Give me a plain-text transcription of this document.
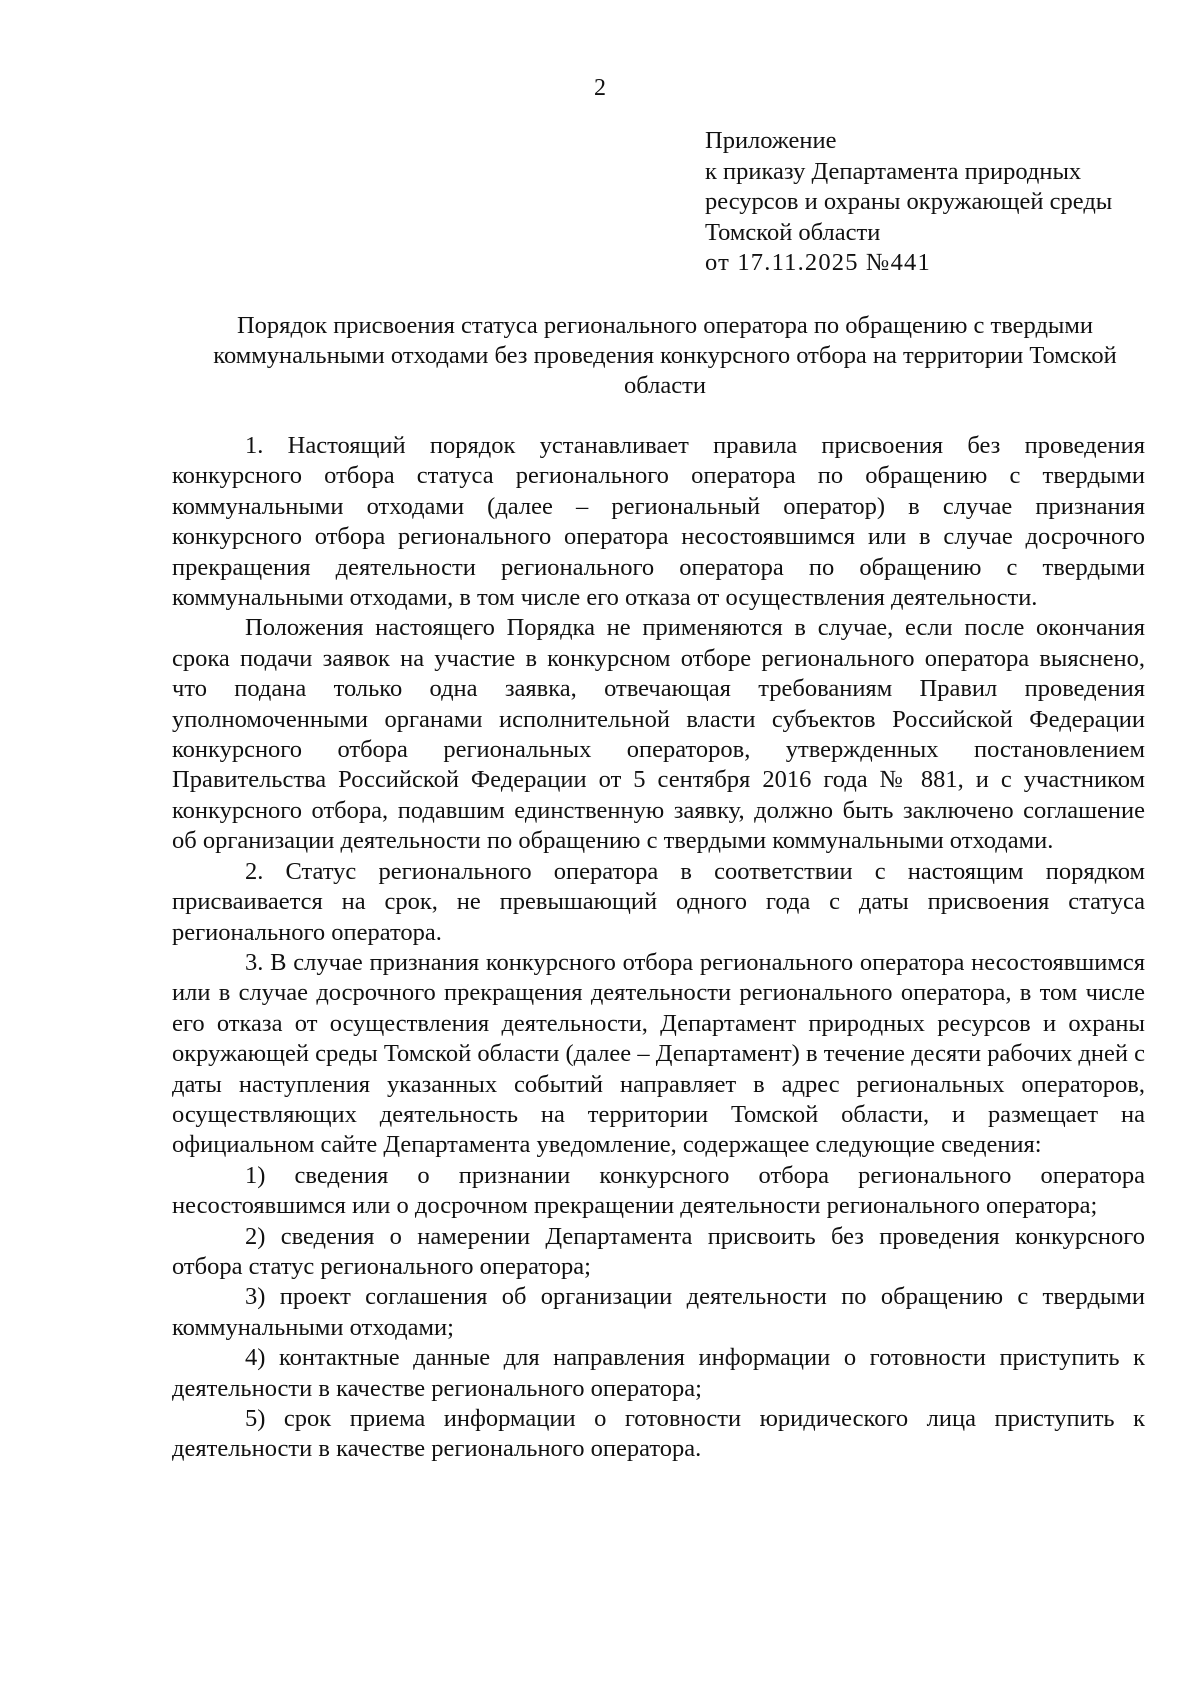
2
Приложение
к приказу Департамента природных
ресурсов и охраны окружающей среды
Томской области
от 17.11.2025 №441
Порядок присвоения статуса регионального оператора по обращению с твердыми коммунальными отходами без проведения конкурсного отбора на территории Томской области

1. Настоящий порядок устанавливает правила присвоения без проведения конкурсного отбора статуса регионального оператора по обращению с твердыми коммунальными отходами (далее – региональный оператор) в случае признания конкурсного отбора регионального оператора несостоявшимся или в случае досрочного прекращения деятельности регионального оператора по обращению с твердыми коммунальными отходами, в том числе его отказа от осуществления деятельности.

Положения настоящего Порядка не применяются в случае, если после окончания срока подачи заявок на участие в конкурсном отборе регионального оператора выяснено, что подана только одна заявка, отвечающая требованиям Правил проведения уполномоченными органами исполнительной власти субъектов Российской Федерации конкурсного отбора региональных операторов, утвержденных постановлением Правительства Российской Федерации от 5 сентября 2016 года № 881, и с участником конкурсного отбора, подавшим единственную заявку, должно быть заключено соглашение об организации деятельности по обращению с твердыми коммунальными отходами.

2. Статус регионального оператора в соответствии с настоящим порядком присваивается на срок, не превышающий одного года с даты присвоения статуса регионального оператора.

3. В случае признания конкурсного отбора регионального оператора несостоявшимся или в случае досрочного прекращения деятельности регионального оператора, в том числе его отказа от осуществления деятельности, Департамент природных ресурсов и охраны окружающей среды Томской области (далее – Департамент) в течение десяти рабочих дней с даты наступления указанных событий направляет в адрес региональных операторов, осуществляющих деятельность на территории Томской области, и размещает на официальном сайте Департамента уведомление, содержащее следующие сведения:

1) сведения о признании конкурсного отбора регионального оператора несостоявшимся или о досрочном прекращении деятельности регионального оператора;

2) сведения о намерении Департамента присвоить без проведения конкурсного отбора статус регионального оператора;

3) проект соглашения об организации деятельности по обращению с твердыми коммунальными отходами;

4) контактные данные для направления информации о готовности приступить к деятельности в качестве регионального оператора;

5) срок приема информации о готовности юридического лица приступить к деятельности в качестве регионального оператора.
